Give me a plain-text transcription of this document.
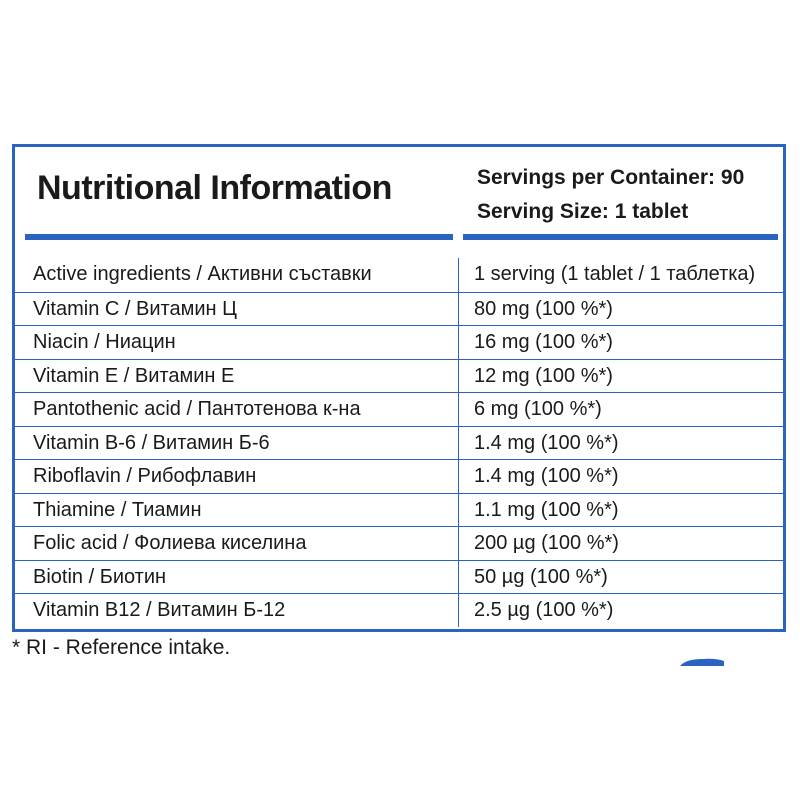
Nutritional Information	Servings per Container: 90
Serving Size: 1 tablet
Active ingredients / Активни съставки	1 serving (1 tablet / 1 таблетка)
Vitamin C / Витамин Ц	80 mg (100 %*)
Niacin / Ниацин	16 mg (100 %*)
Vitamin E / Витамин Е	12 mg (100 %*)
Pantothenic acid / Пантотенова к-на	6 mg (100 %*)
Vitamin B-6 / Витамин Б-6	1.4 mg (100 %*)
Riboflavin / Рибофлавин	1.4 mg (100 %*)
Thiamine / Тиамин	1.1 mg (100 %*)
Folic acid / Фолиева киселина	200 µg (100 %*)
Biotin / Биотин	50 µg (100 %*)
Vitamin B12 / Витамин Б-12	2.5 µg (100 %*)
* RI - Reference intake.
